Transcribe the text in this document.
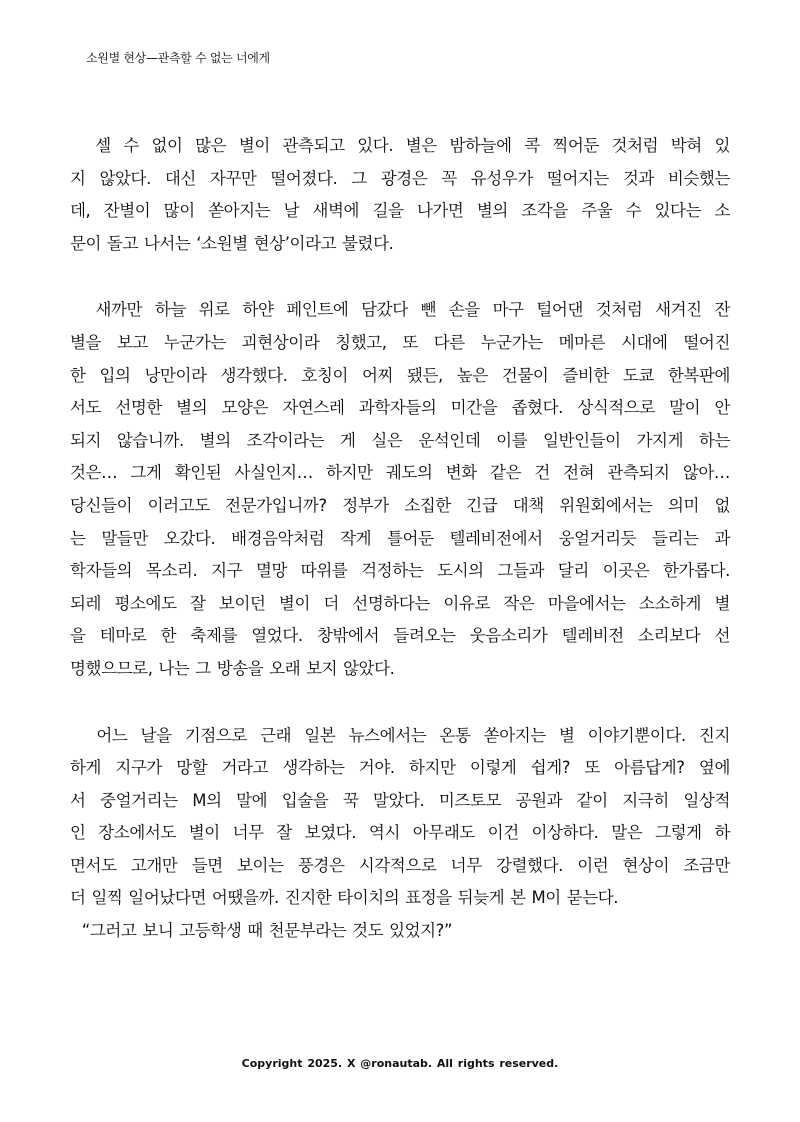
소원별 현상—관측할 수 없는 너에게
셀 수 없이 많은 별이 관측되고 있다. 별은 밤하늘에 콕 찍어둔 것처럼 박혀 있
지 않았다. 대신 자꾸만 떨어졌다. 그 광경은 꼭 유성우가 떨어지는 것과 비슷했는
데, 잔별이 많이 쏟아지는 날 새벽에 길을 나가면 별의 조각을 주울 수 있다는 소
문이 돌고 나서는 ‘소원별 현상’이라고 불렸다.
새까만 하늘 위로 하얀 페인트에 담갔다 뺀 손을 마구 털어댄 것처럼 새겨진 잔
별을 보고 누군가는 괴현상이라 칭했고, 또 다른 누군가는 메마른 시대에 떨어진
한 입의 낭만이라 생각했다. 호칭이 어찌 됐든, 높은 건물이 즐비한 도쿄 한복판에
서도 선명한 별의 모양은 자연스레 과학자들의 미간을 좁혔다. 상식적으로 말이 안
되지 않습니까. 별의 조각이라는 게 실은 운석인데 이를 일반인들이 가지게 하는
것은… 그게 확인된 사실인지… 하지만 궤도의 변화 같은 건 전혀 관측되지 않아…
당신들이 이러고도 전문가입니까? 정부가 소집한 긴급 대책 위원회에서는 의미 없
는 말들만 오갔다. 배경음악처럼 작게 틀어둔 텔레비전에서 웅얼거리듯 들리는 과
학자들의 목소리. 지구 멸망 따위를 걱정하는 도시의 그들과 달리 이곳은 한가롭다.
되레 평소에도 잘 보이던 별이 더 선명하다는 이유로 작은 마을에서는 소소하게 별
을 테마로 한 축제를 열었다. 창밖에서 들려오는 웃음소리가 텔레비전 소리보다 선
명했으므로, 나는 그 방송을 오래 보지 않았다.
어느 날을 기점으로 근래 일본 뉴스에서는 온통 쏟아지는 별 이야기뿐이다. 진지
하게 지구가 망할 거라고 생각하는 거야. 하지만 이렇게 쉽게? 또 아름답게? 옆에
서 중얼거리는 M의 말에 입술을 꾹 말았다. 미즈토모 공원과 같이 지극히 일상적
인 장소에서도 별이 너무 잘 보였다. 역시 아무래도 이건 이상하다. 말은 그렇게 하
면서도 고개만 들면 보이는 풍경은 시각적으로 너무 강렬했다. 이런 현상이 조금만
더 일찍 일어났다면 어땠을까. 진지한 타이치의 표정을 뒤늦게 본 M이 묻는다.
“그러고 보니 고등학생 때 천문부라는 것도 있었지?”
Copyright 2025. X @ronautab. All rights reserved.
